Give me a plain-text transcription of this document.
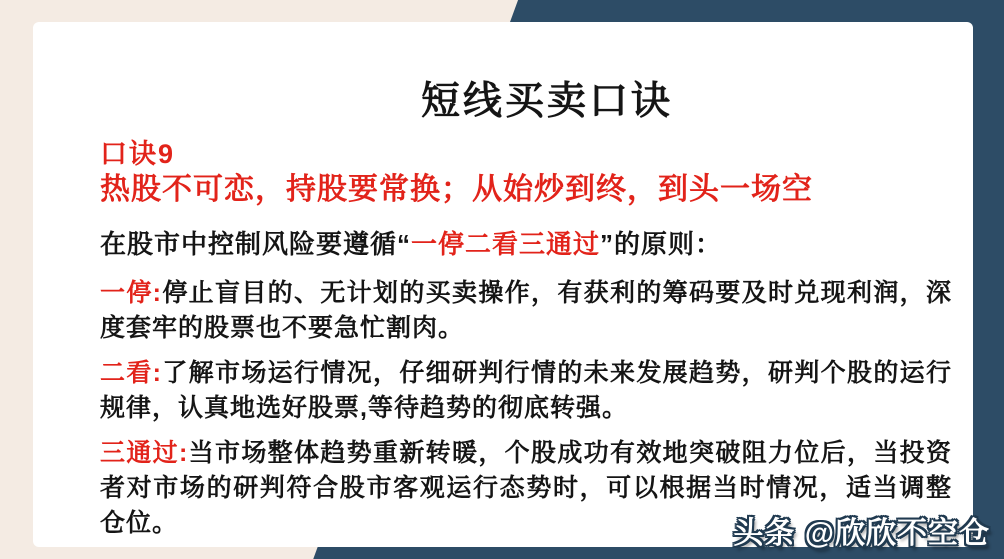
短线买卖口诀
口诀9
热股不可恋，持股要常换；从始炒到终，到头一场空
在股市中控制风险要遵循“一停二看三通过”的原则：
一停:停止盲目的、无计划的买卖操作，有获利的筹码要及时兑现利润，深度套牢的股票也不要急忙割肉。
二看:了解市场运行情况，仔细研判行情的未来发展趋势，研判个股的运行规律，认真地选好股票,等待趋势的彻底转强。
三通过:当市场整体趋势重新转暖，个股成功有效地突破阻力位后，当投资者对市场的研判符合股市客观运行态势时，可以根据当时情况，适当调整仓位。	头条 @欣欣不空仓
